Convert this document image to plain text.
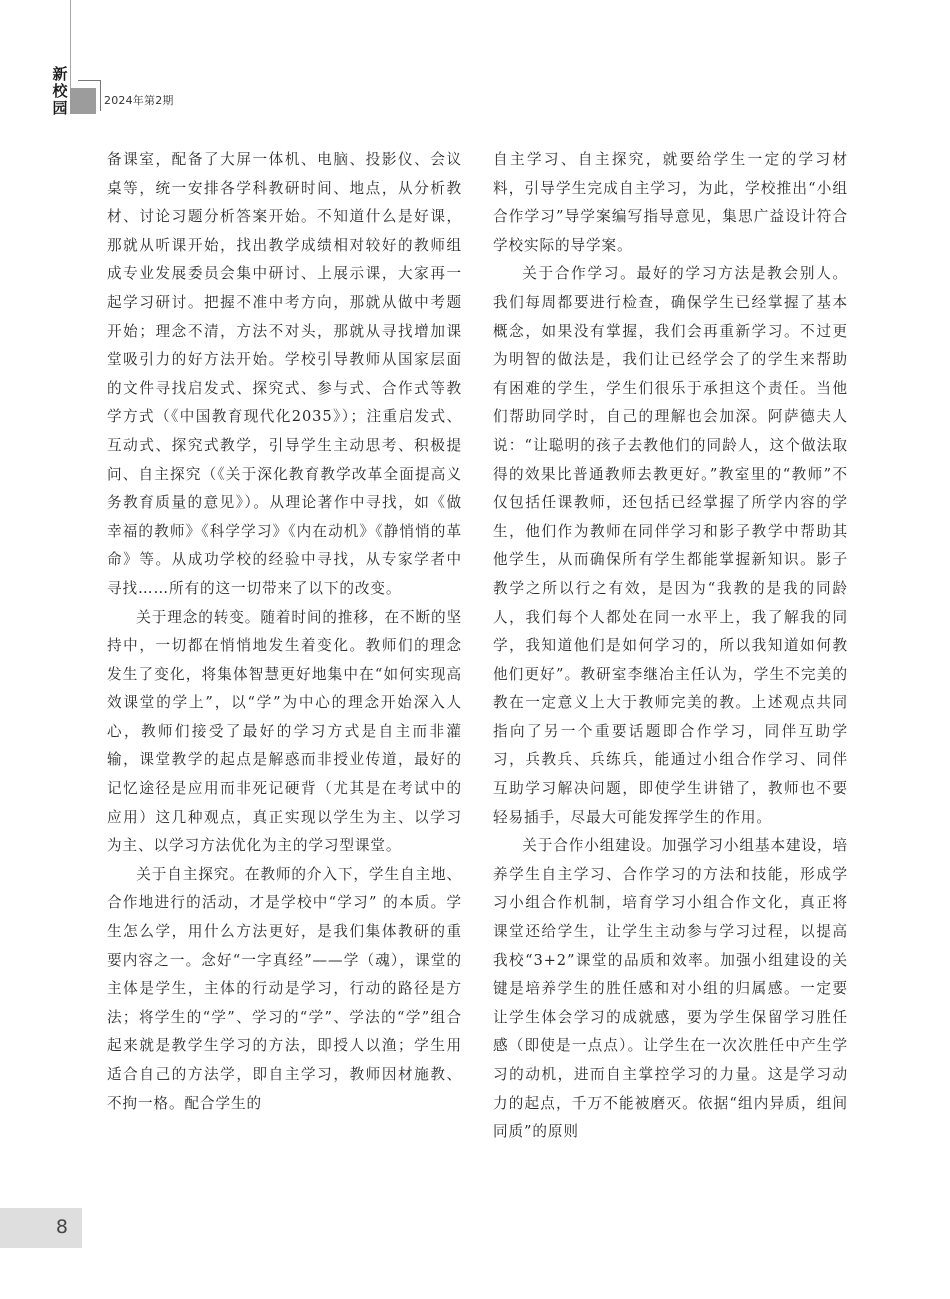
新
校
园	2024年第2期

备课室，配备了大屏一体机、电脑、投影仪、会议桌等，统一安排各学科教研时间、地点，从分析教材、讨论习题分析答案开始。不知道什么是好课，那就从听课开始，找出教学成绩相对较好的教师组成专业发展委员会集中研讨、上展示课，大家再一起学习研讨。把握不准中考方向，那就从做中考题开始；理念不清，方法不对头，那就从寻找增加课堂吸引力的好方法开始。学校引导教师从国家层面的文件寻找启发式、探究式、参与式、合作式等教学方式（《中国教育现代化2035》）；注重启发式、互动式、探究式教学，引导学生主动思考、积极提问、自主探究（《关于深化教育教学改革全面提高义务教育质量的意见》）。从理论著作中寻找，如《做幸福的教师》《科学学习》《内在动机》《静悄悄的革命》等。从成功学校的经验中寻找，从专家学者中寻找……所有的这一切带来了以下的改变。

关于理念的转变。随着时间的推移，在不断的坚持中，一切都在悄悄地发生着变化。教师们的理念发生了变化，将集体智慧更好地集中在“如何实现高效课堂的学上”，以“学”为中心的理念开始深入人心，教师们接受了最好的学习方式是自主而非灌输，课堂教学的起点是解惑而非授业传道，最好的记忆途径是应用而非死记硬背（尤其是在考试中的应用）这几种观点，真正实现以学生为主、以学习为主、以学习方法优化为主的学习型课堂。

关于自主探究。在教师的介入下，学生自主地、合作地进行的活动，才是学校中“学习” 的本质。学生怎么学，用什么方法更好，是我们集体教研的重要内容之一。念好“一字真经”——学（魂），课堂的主体是学生，主体的行动是学习，行动的路径是方法；将学生的“学”、学习的“学”、学法的“学”组合起来就是教学生学习的方法，即授人以渔；学生用适合自己的方法学，即自主学习，教师因材施教、不拘一格。配合学生的

自主学习、自主探究，就要给学生一定的学习材料，引导学生完成自主学习，为此，学校推出“小组合作学习”导学案编写指导意见，集思广益设计符合学校实际的导学案。

关于合作学习。最好的学习方法是教会别人。 我们每周都要进行检查，确保学生已经掌握了基本概念，如果没有掌握，我们会再重新学习。不过更为明智的做法是，我们让已经学会了的学生来帮助有困难的学生，学生们很乐于承担这个责任。当他们帮助同学时，自己的理解也会加深。阿萨德夫人说：“让聪明的孩子去教他们的同龄人，这个做法取得的效果比普通教师去教更好。”教室里的“教师”不仅包括任课教师，还包括已经掌握了所学内容的学生，他们作为教师在同伴学习和影子教学中帮助其他学生，从而确保所有学生都能掌握新知识。影子教学之所以行之有效，是因为“我教的是我的同龄人，我们每个人都处在同一水平上，我了解我的同学，我知道他们是如何学习的，所以我知道如何教他们更好”。教研室李继冶主任认为，学生不完美的教在一定意义上大于教师完美的教。上述观点共同指向了另一个重要话题即合作学习，同伴互助学习，兵教兵、兵练兵，能通过小组合作学习、同伴互助学习解决问题，即使学生讲错了，教师也不要轻易插手，尽最大可能发挥学生的作用。

关于合作小组建设。加强学习小组基本建设，培养学生自主学习、合作学习的方法和技能，形成学习小组合作机制，培育学习小组合作文化，真正将课堂还给学生，让学生主动参与学习过程，以提高我校“3+2”课堂的品质和效率。加强小组建设的关键是培养学生的胜任感和对小组的归属感。一定要让学生体会学习的成就感，要为学生保留学习胜任感（即使是一点点）。让学生在一次次胜任中产生学习的动机，进而自主掌控学习的力量。这是学习动力的起点，千万不能被磨灭。依据“组内异质，组间同质”的原则

8
